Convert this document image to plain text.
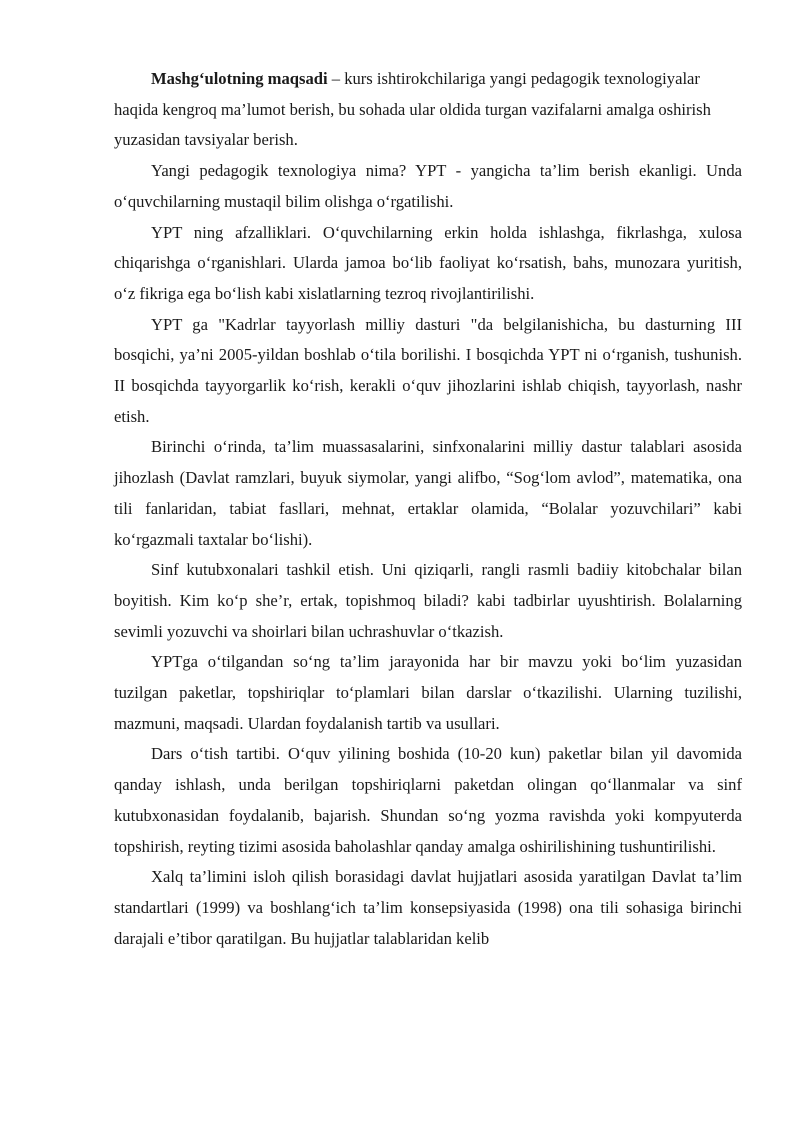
Mashg‘ulotning maqsadi – kurs ishtirokchilariga yangi pedagogik texnologiyalar haqida kengroq ma’lumot berish, bu sohada ular oldida turgan vazifalarni amalga oshirish yuzasidan tavsiyalar berish.

Yangi pedagogik texnologiya nima? YPT - yangicha ta’lim berish ekanligi. Unda o‘quvchilarning mustaqil bilim olishga o‘rgatilishi.

YPT ning afzalliklari. O‘quvchilarning erkin holda ishlashga, fikrlashga, xulosa chiqarishga o‘rganishlari. Ularda jamoa bo‘lib faoliyat ko‘rsatish, bahs, munozara yuritish, o‘z fikriga ega bo‘lish kabi xislatlarning tezroq rivojlantirilishi.

YPT ga "Kadrlar tayyorlash milliy dasturi "da belgilanishicha, bu dasturning III bosqichi, ya’ni 2005-yildan boshlab o‘tila borilishi. I bosqichda YPT ni o‘rganish, tushunish. II bosqichda tayyorgarlik ko‘rish, kerakli o‘quv jihozlarini ishlab chiqish, tayyorlash, nashr etish.

Birinchi o‘rinda, ta’lim muassasalarini, sinfxonalarini milliy dastur talablari asosida jihozlash (Davlat ramzlari, buyuk siymolar, yangi alifbo, “Sog‘lom avlod”, matematika, ona tili fanlaridan, tabiat fasllari, mehnat, ertaklar olamida, “Bolalar yozuvchilari” kabi ko‘rgazmali taxtalar bo‘lishi).

Sinf kutubxonalari tashkil etish. Uni qiziqarli, rangli rasmli badiiy kitobchalar bilan boyitish. Kim ko‘p she’r, ertak, topishmoq biladi? kabi tadbirlar uyushtirish. Bolalarning sevimli yozuvchi va shoirlari bilan uchrashuvlar o‘tkazish.

YPTga o‘tilgandan so‘ng ta’lim jarayonida har bir mavzu yoki bo‘lim yuzasidan tuzilgan paketlar, topshiriqlar to‘plamlari bilan darslar o‘tkazilishi. Ularning tuzilishi, mazmuni, maqsadi. Ulardan foydalanish tartib va usullari.

Dars o‘tish tartibi. O‘quv yilining boshida (10-20 kun) paketlar bilan yil davomida qanday ishlash, unda berilgan topshiriqlarni paketdan olingan qo‘llanmalar va sinf kutubxonasidan foydalanib, bajarish. Shundan so‘ng yozma ravishda yoki kompyuterda topshirish, reyting tizimi asosida baholashlar qanday amalga oshirilishining tushuntirilishi.

Xalq ta’limini isloh qilish borasidagi davlat hujjatlari asosida yaratilgan Davlat ta’lim standartlari (1999) va boshlang‘ich ta’lim konsepsiyasida (1998) ona tili sohasiga birinchi darajali e’tibor qaratilgan. Bu hujjatlar talablaridan kelib
